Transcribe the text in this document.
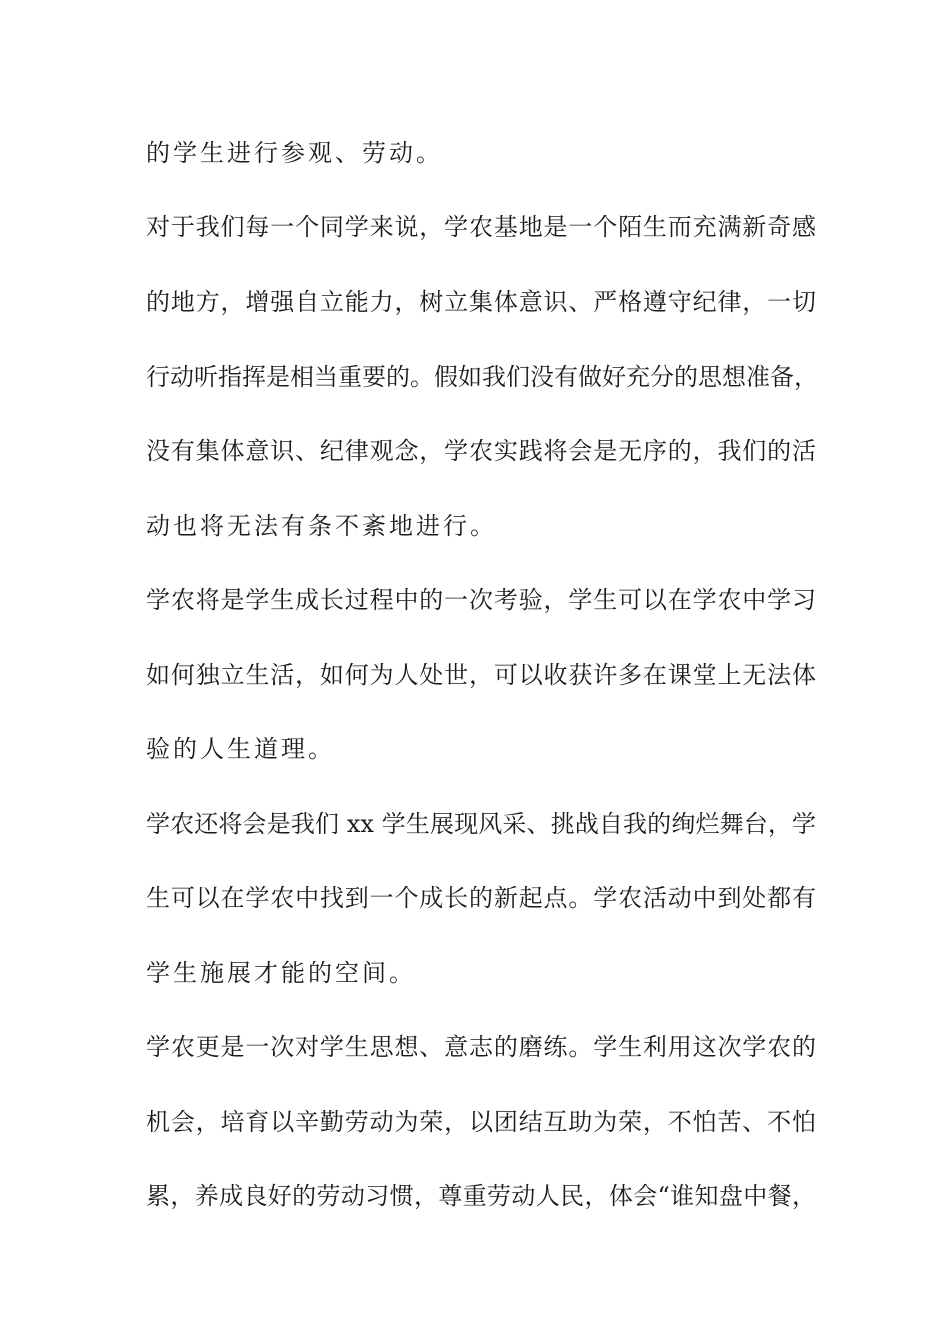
的学生进行参观、劳动。
对于我们每一个同学来说，学农基地是一个陌生而充满新奇感
的地方，增强自立能力，树立集体意识、严格遵守纪律，一切
行动听指挥是相当重要的。假如我们没有做好充分的思想准备，
没有集体意识、纪律观念，学农实践将会是无序的，我们的活
动也将无法有条不紊地进行。
学农将是学生成长过程中的一次考验，学生可以在学农中学习
如何独立生活，如何为人处世，可以收获许多在课堂上无法体
验的人生道理。
学农还将会是我们 xx 学生展现风采、挑战自我的绚烂舞台，学
生可以在学农中找到一个成长的新起点。学农活动中到处都有
学生施展才能的空间。
学农更是一次对学生思想、意志的磨练。学生利用这次学农的
机会，培育以辛勤劳动为荣，以团结互助为荣，不怕苦、不怕
累，养成良好的劳动习惯，尊重劳动人民，体会“谁知盘中餐，
